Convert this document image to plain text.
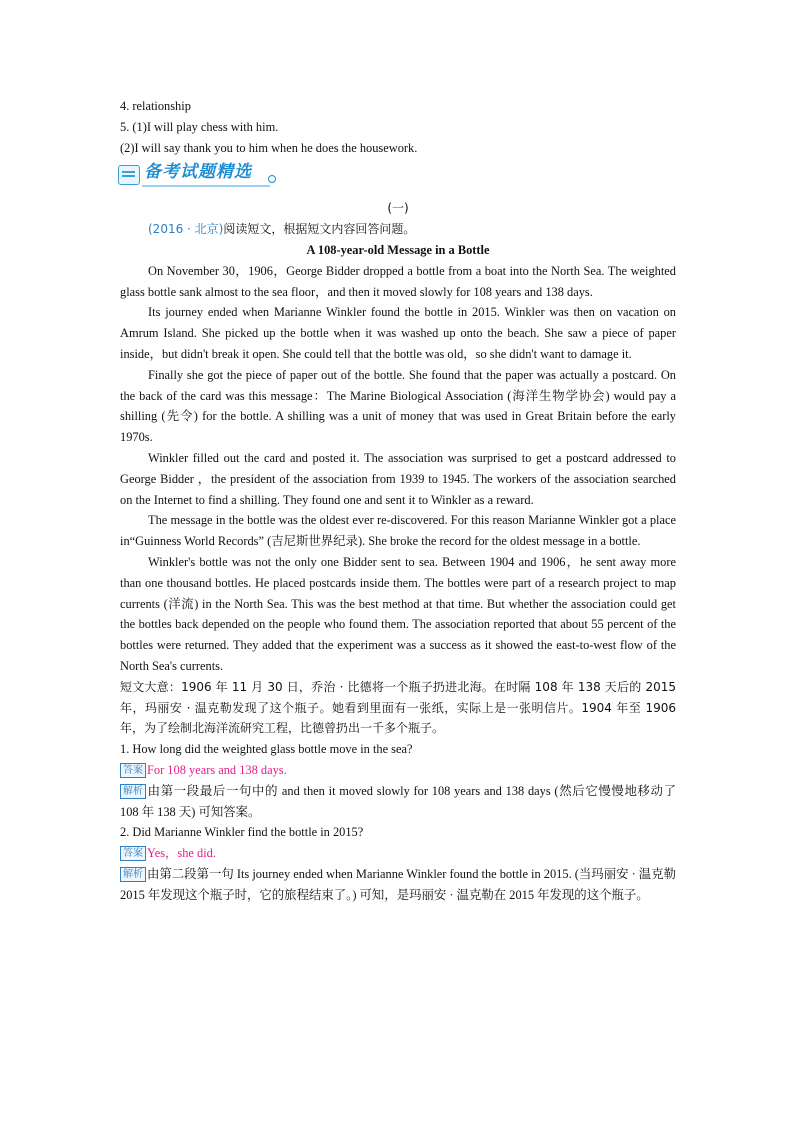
4. relationship

5. (1)I will play chess with him.

(2)I will say thank you to him when he does the housework.

备考试题精选

(一)

(2016 · 北京)阅读短文，根据短文内容回答问题。

A 108-year-old Message in a Bottle

On November 30，1906，George Bidder dropped a bottle from a boat into the North Sea. The weighted glass bottle sank almost to the sea floor，and then it moved slowly for 108 years and 138 days.

Its journey ended when Marianne Winkler found the bottle in 2015. Winkler was then on vacation on Amrum Island. She picked up the bottle when it was washed up onto the beach. She saw a piece of paper inside，but didn't break it open. She could tell that the bottle was old，so she didn't want to damage it.

Finally she got the piece of paper out of the bottle. She found that the paper was actually a postcard. On the back of the card was this message：The Marine Biological Association (海洋生物学协会) would pay a shilling (先令) for the bottle. A shilling was a unit of money that was used in Great Britain before the early 1970s.

Winkler filled out the card and posted it. The association was surprised to get a postcard addressed to George Bidder ，the president of the association from 1939 to 1945. The workers of the association searched on the Internet to find a shilling. They found one and sent it to Winkler as a reward.

The message in the bottle was the oldest ever re-discovered. For this reason Marianne Winkler got a place in“Guinness World Records” (吉尼斯世界纪录). She broke the record for the oldest message in a bottle.

Winkler's bottle was not the only one Bidder sent to sea. Between 1904 and 1906，he sent away more than one thousand bottles. He placed postcards inside them. The bottles were part of a research project to map currents (洋流) in the North Sea. This was the best method at that time. But whether the association could get the bottles back depended on the people who found them. The association reported that about 55 percent of the bottles were returned. They added that the experiment was a success as it showed the east-to-west flow of the North Sea's currents.

短文大意：1906 年 11 月 30 日，乔治 · 比德将一个瓶子扔进北海。在时隔 108 年 138 天后的 2015 年，玛丽安 · 温克勒发现了这个瓶子。她看到里面有一张纸，实际上是一张明信片。1904 年至 1906 年，为了绘制北海洋流研究工程，比德曾扔出一千多个瓶子。

1. How long did the weighted glass bottle move in the sea?

答案 For 108 years and 138 days.

解析 由第一段最后一句中的 and then it moved slowly for 108 years and 138 days (然后它慢慢地移动了 108 年 138 天) 可知答案。

2. Did Marianne Winkler find the bottle in 2015?

答案 Yes，she did.

解析 由第二段第一句 Its journey ended when Marianne Winkler found the bottle in 2015. (当玛丽安 · 温克勒 2015 年发现这个瓶子时，它的旅程结束了。) 可知，是玛丽安 · 温克勒在 2015 年发现的这个瓶子。
